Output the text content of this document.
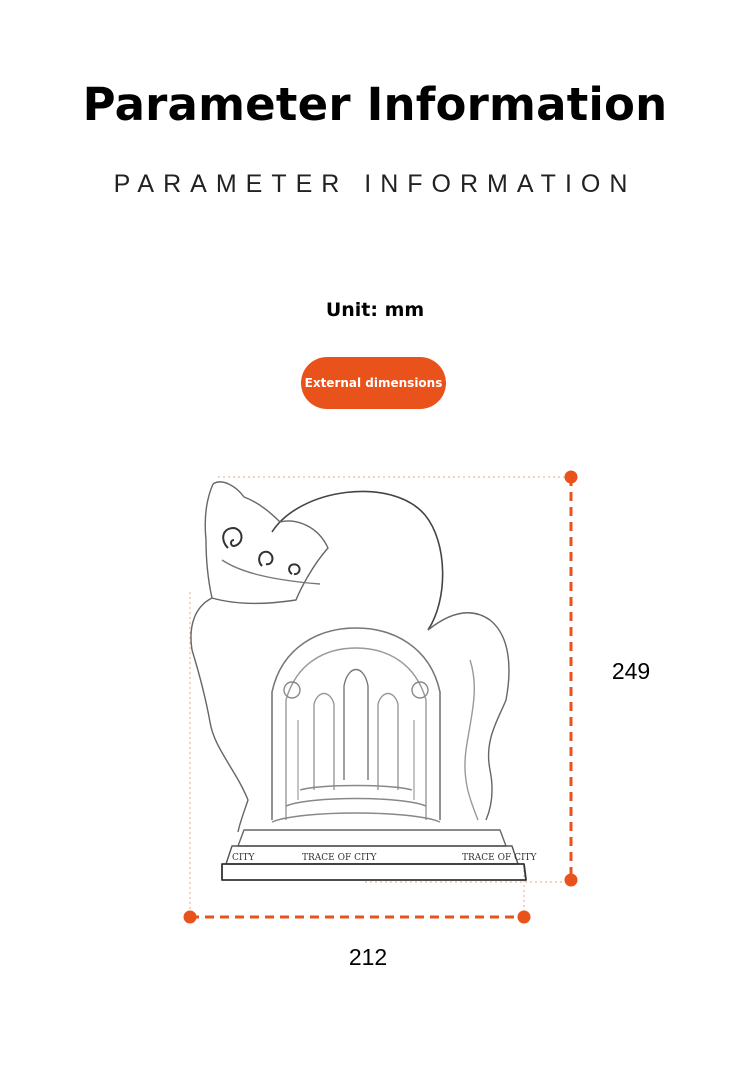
Parameter Information
PARAMETER INFORMATION
Unit: mm
External dimensions
TRACE OF CITY	TRACE OF CITY
CITY
249
212
